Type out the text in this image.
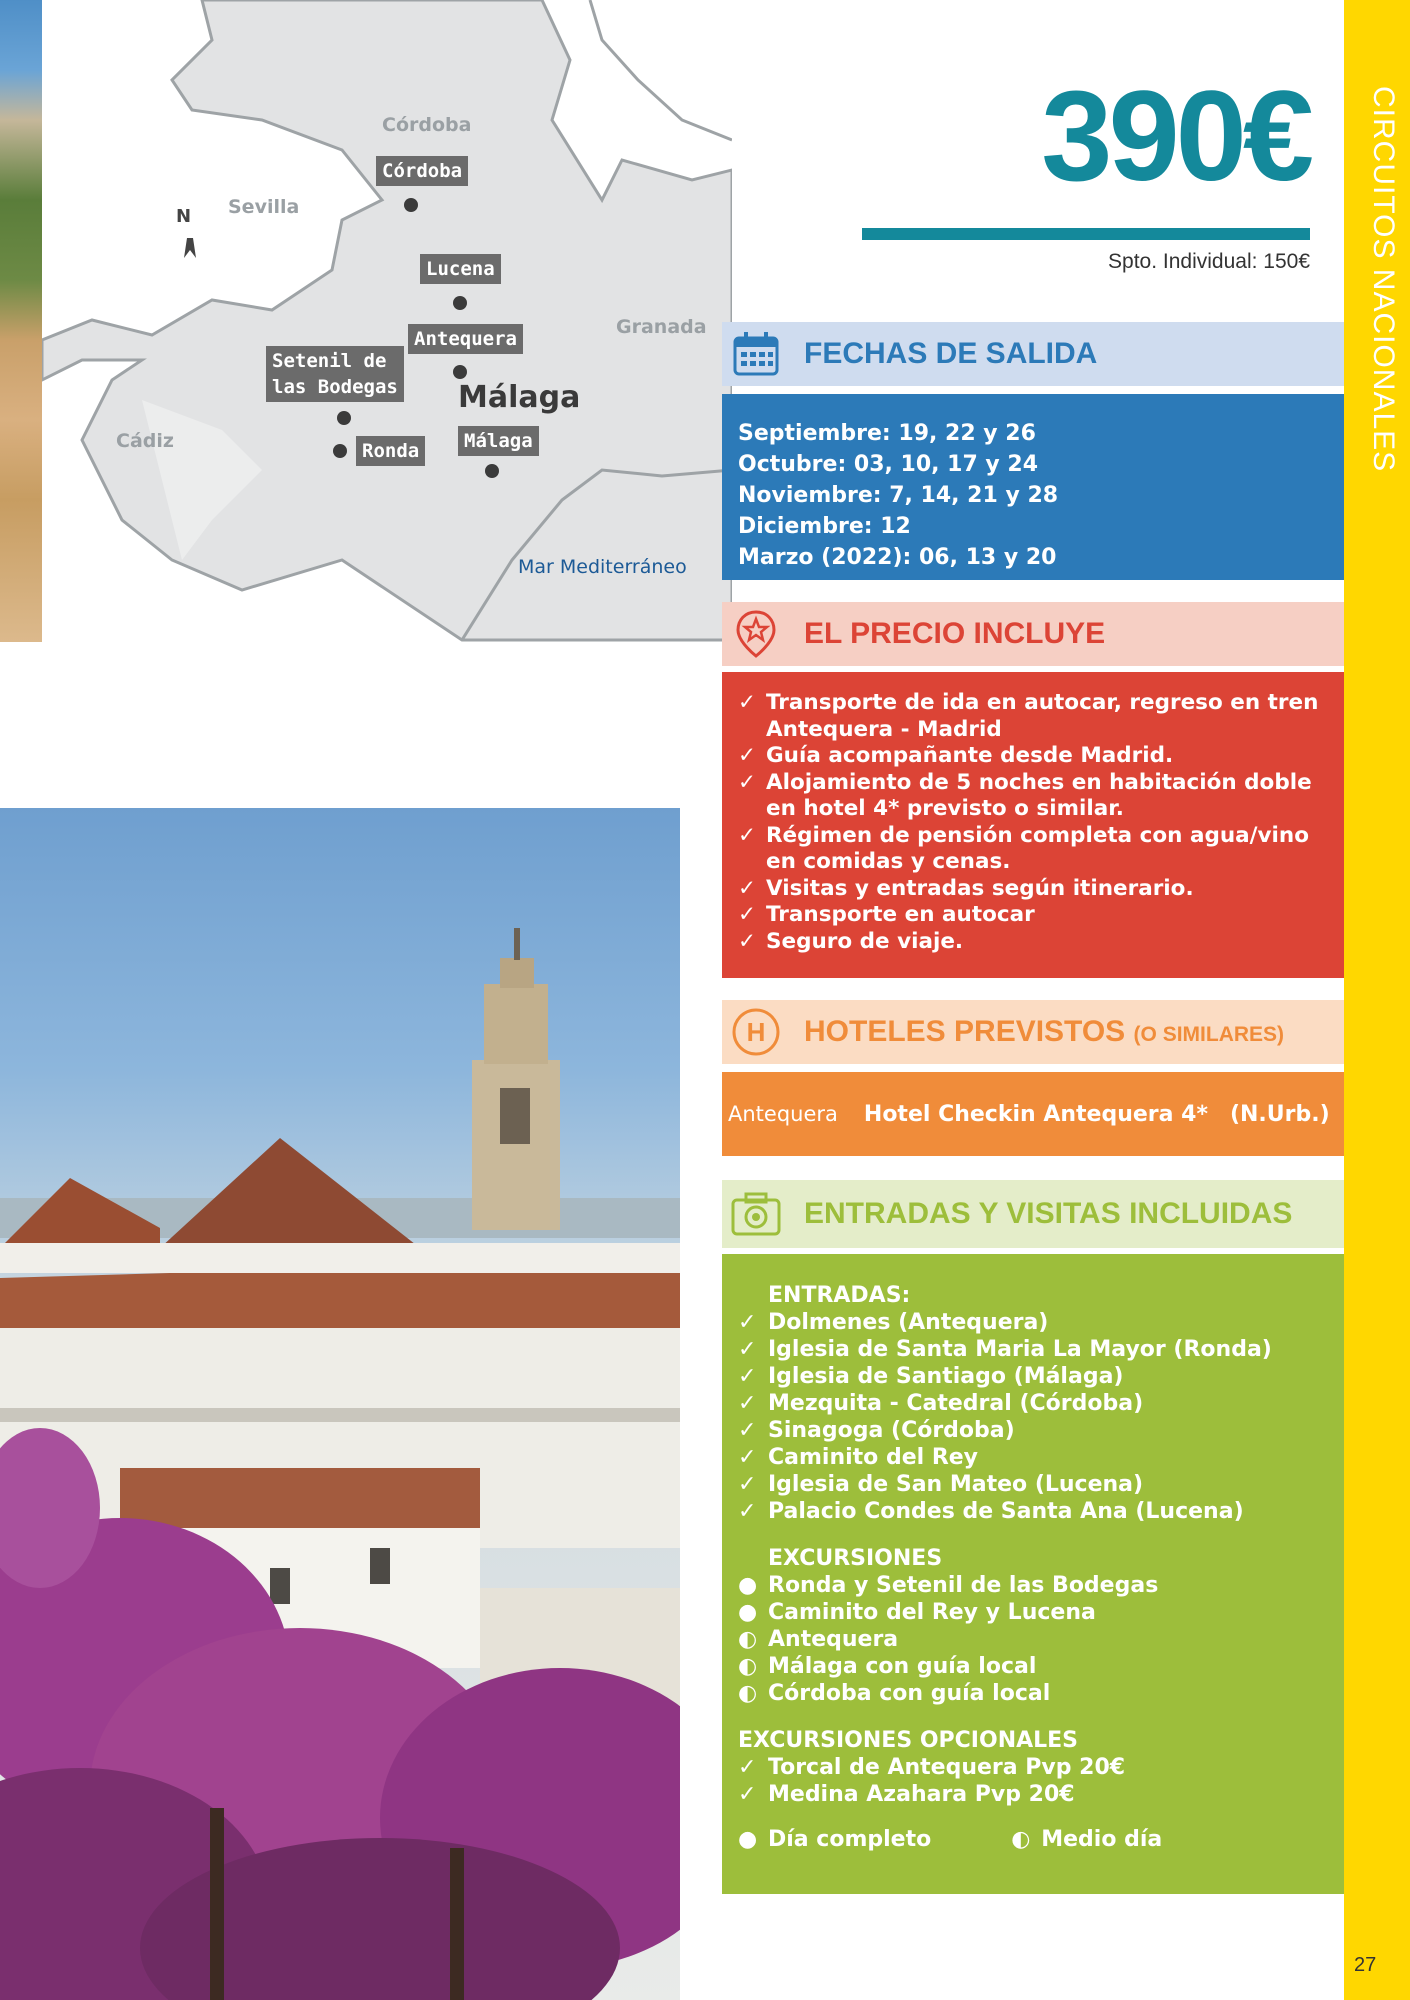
Córdoba
Sevilla
Granada
Cádiz
N
Córdoba
Lucena
Antequera
Setenil de
las Bodegas
Ronda
Málaga
Málaga
Mar Mediterráneo
390€
Spto. Individual: 150€ CIRCUITOS NACIONALES
27
FECHAS DE SALIDA
Septiembre: 19, 22 y 26
Octubre: 03, 10, 17 y 24
Noviembre: 7, 14, 21 y 28
Diciembre: 12
Marzo (2022): 06, 13 y 20
EL PRECIO INCLUYE
✓ Transporte de ida en autocar, regreso en tren Antequera - Madrid
✓ Guía acompañante desde Madrid.
✓ Alojamiento de 5 noches en habitación doble en hotel 4* previsto o similar.
✓ Régimen de pensión completa con agua/vino en comidas y cenas.
✓ Visitas y entradas según itinerario.
✓ Transporte en autocar
✓ Seguro de viaje.
H HOTELES PREVISTOS (O SIMILARES)
Antequera Hotel Checkin Antequera 4* (N.Urb.)
ENTRADAS Y VISITAS INCLUIDAS
ENTRADAS:
✓ Dolmenes (Antequera)
✓ Iglesia de Santa Maria La Mayor (Ronda)
✓ Iglesia de Santiago (Málaga)
✓ Mezquita - Catedral (Córdoba)
✓ Sinagoga (Córdoba)
✓ Caminito del Rey
✓ Iglesia de San Mateo (Lucena)
✓ Palacio Condes de Santa Ana (Lucena)
EXCURSIONES
● Ronda y Setenil de las Bodegas
● Caminito del Rey y Lucena
◐ Antequera
◐ Málaga con guía local
◐ Córdoba con guía local
EXCURSIONES OPCIONALES
✓ Torcal de Antequera Pvp 20€
✓ Medina Azahara Pvp 20€
● Día completo	◐ Medio día
